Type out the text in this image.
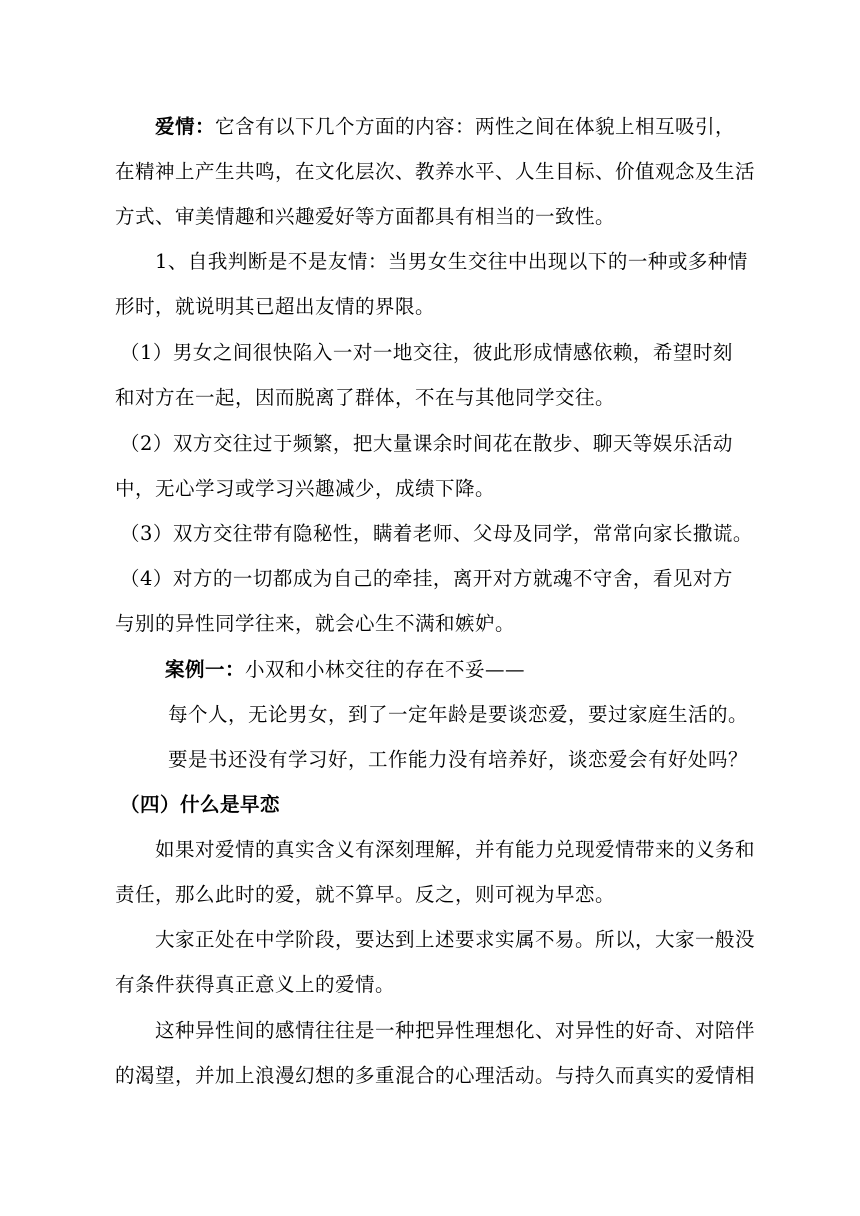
爱情：它含有以下几个方面的内容：两性之间在体貌上相互吸引，
在精神上产生共鸣，在文化层次、教养水平、人生目标、价值观念及生活
方式、审美情趣和兴趣爱好等方面都具有相当的一致性。
1、自我判断是不是友情：当男女生交往中出现以下的一种或多种情
形时，就说明其已超出友情的界限。
（1）男女之间很快陷入一对一地交往，彼此形成情感依赖，希望时刻
和对方在一起，因而脱离了群体，不在与其他同学交往。
（2）双方交往过于频繁，把大量课余时间花在散步、聊天等娱乐活动
中，无心学习或学习兴趣减少，成绩下降。
（3）双方交往带有隐秘性，瞒着老师、父母及同学，常常向家长撒谎。
（4）对方的一切都成为自己的牵挂，离开对方就魂不守舍，看见对方
与别的异性同学往来，就会心生不满和嫉妒。
案例一：小双和小林交往的存在不妥——
每个人，无论男女，到了一定年龄是要谈恋爱，要过家庭生活的。
要是书还没有学习好，工作能力没有培养好，谈恋爱会有好处吗？
（四）什么是早恋
如果对爱情的真实含义有深刻理解，并有能力兑现爱情带来的义务和
责任，那么此时的爱，就不算早。反之，则可视为早恋。
大家正处在中学阶段，要达到上述要求实属不易。所以，大家一般没
有条件获得真正意义上的爱情。
这种异性间的感情往往是一种把异性理想化、对异性的好奇、对陪伴
的渴望，并加上浪漫幻想的多重混合的心理活动。与持久而真实的爱情相
